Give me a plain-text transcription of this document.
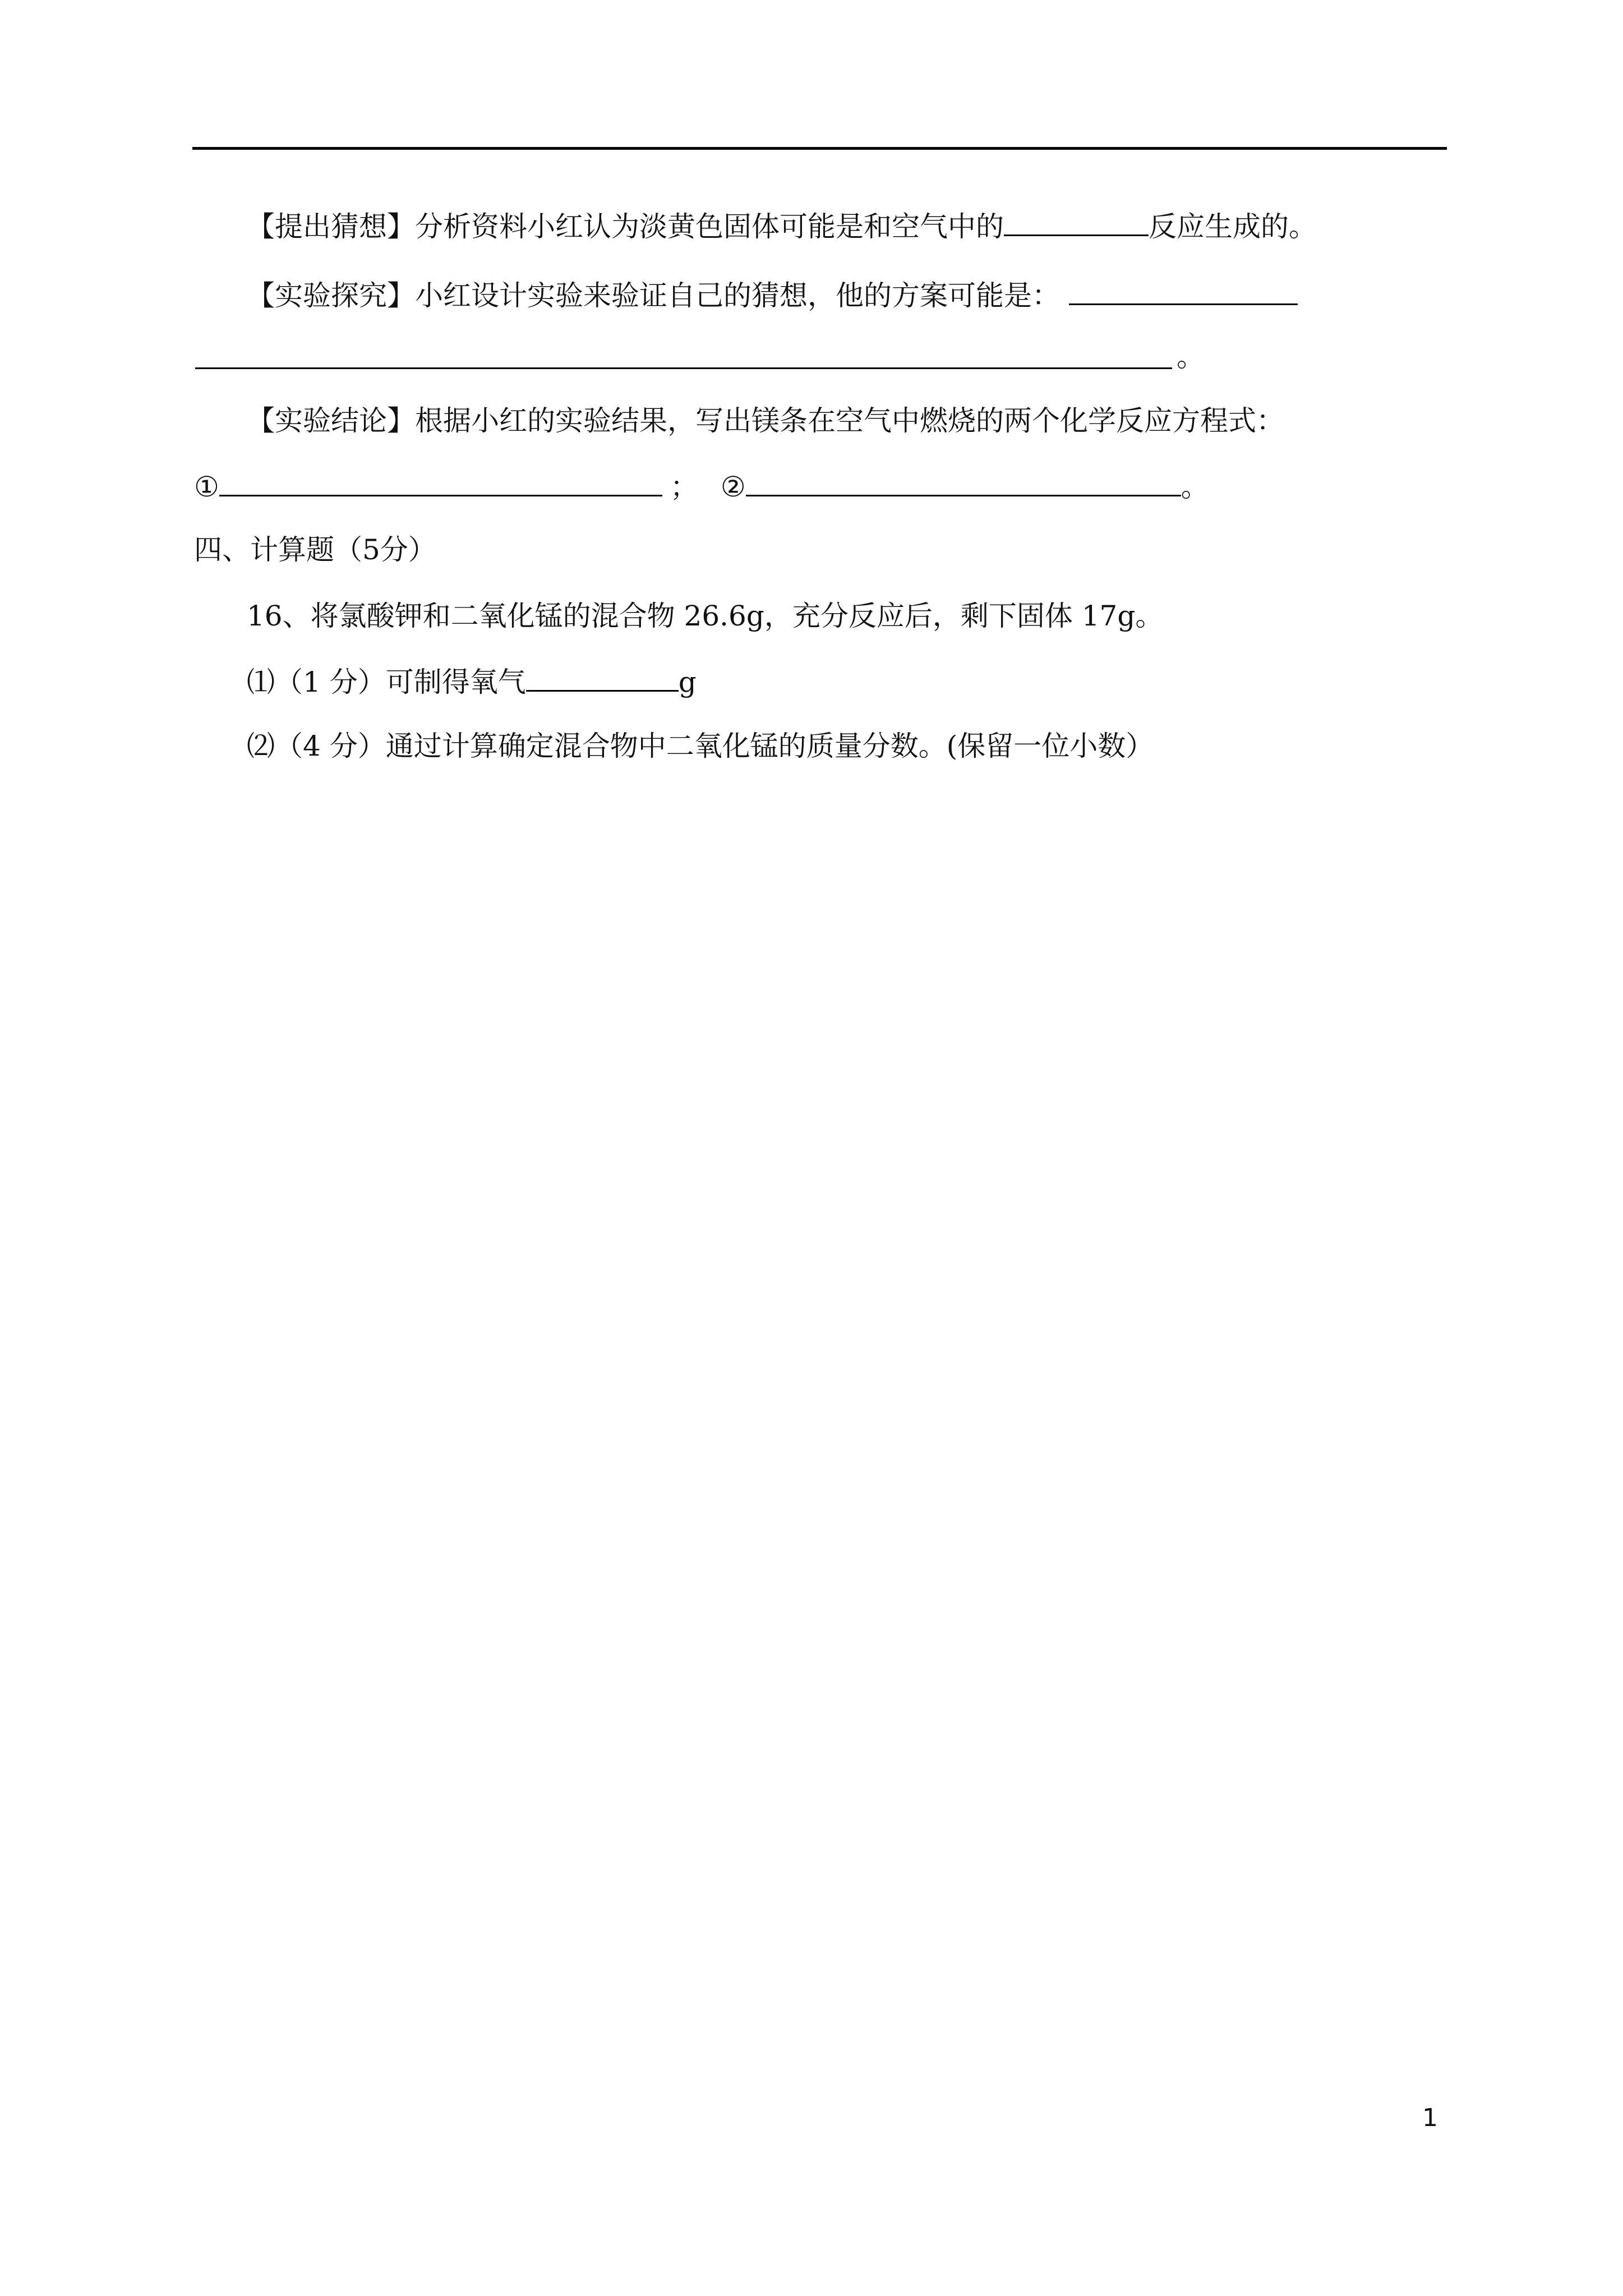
【提出猜想】分析资料小红认为淡黄色固体可能是和空气中的	反应生成的。
【实验探究】小红设计实验来验证自己的猜想，他的方案可能是：
。
【实验结论】根据小红的实验结果，写出镁条在空气中燃烧的两个化学反应方程式：
①	； ②	。
四、计算题（5分）
16、将氯酸钾和二氧化锰的混合物 26.6g，充分反应后，剩下固体 17g。
⑴（1 分）可制得氧气	g
⑵（4 分）通过计算确定混合物中二氧化锰的质量分数。(保留一位小数）
1
